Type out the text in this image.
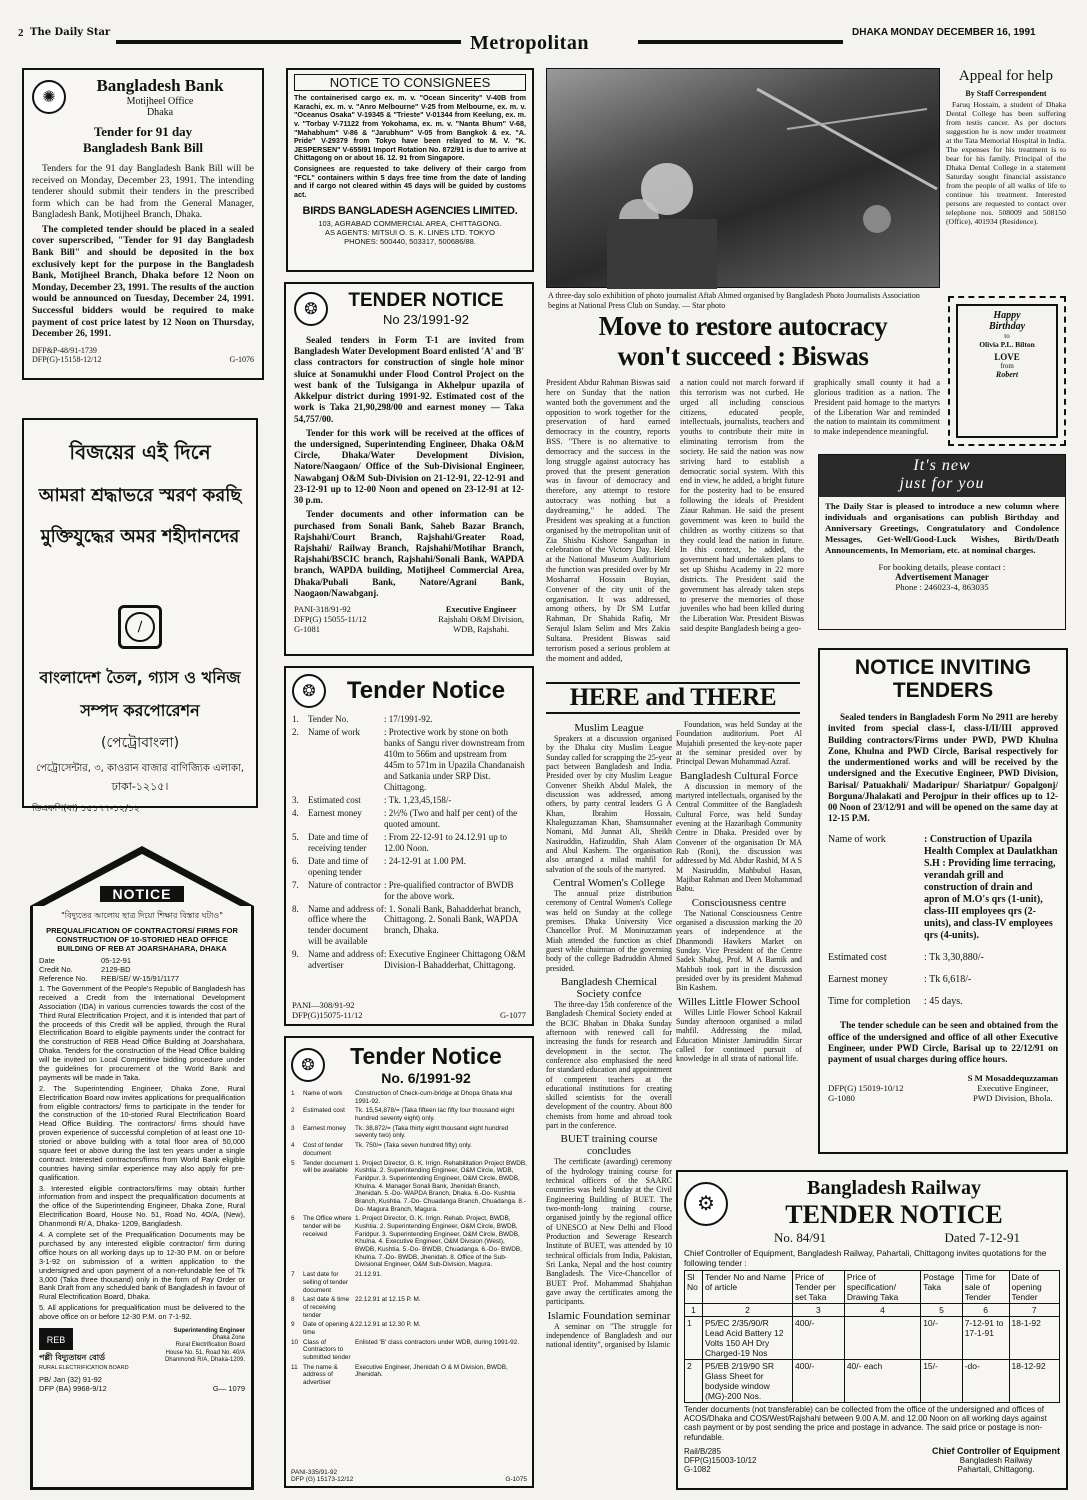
2 The Daily Star	Metropolitan	DHAKA MONDAY DECEMBER 16, 1991
✺
Bangladesh Bank
Motijheel Office
Dhaka
Tender for 91 day
Bangladesh Bank Bill
Tenders for the 91 day Bangladesh Bank Bill will be received on Monday, December 23, 1991. The intending tenderer should submit their tenders in the prescribed form which can be had from the General Manager, Bangladesh Bank, Motijheel Branch, Dhaka.
The completed tender should be placed in a sealed cover superscribed, "Tender for 91 day Bangladesh Bank Bill" and should be deposited in the box exclusively kept for the purpose in the Bangladesh Bank, Motijheel Branch, Dhaka before 12 Noon on Monday, December 23, 1991. The results of the auction would be announced on Tuesday, December 24, 1991. Successful bidders would be required to make payment of cost price latest by 12 Noon on Thursday, December 26, 1991.
DFP&P-48/91-1739
DFP(G)-15158-12/12	G-1076
বিজয়ের এই দিনে
আমরা শ্রদ্ধাভরে স্মরণ করছি
মুক্তিযুদ্ধের অমর শহীদানদের
∕
বাংলাদেশ তৈল, গ্যাস ও খনিজ
সম্পদ করপোরেশন
(পেট্রোবাংলা)
পেট্রোসেন্টার, ৩, কাওরান বাজার বাণিজ্যিক এলাকা,
ঢাকা-১২১৫।
ডিএফপি(বা) ১৫১৭৭-১২/১২
NOTICE
"বিদ্যুতের আলোয় ছাত্র দিয়ো শিক্ষার বিস্তার ঘটাও"
PREQUALIFICATION OF CONTRACTORS/ FIRMS FOR CONSTRUCTION OF 10-STORIED HEAD OFFICE BUILDING OF REB AT JOARSHAHARA, DHAKA
Date	05-12-91
Credit No.	2129-BD
Reference No.	REB/SE/ W-15/91/1177
1. The Government of the People's Republic of Bangladesh has received a Credit from the International Development Association (IDA) in various currencies towards the cost of the Third Rural Electrification Project, and it is intended that part of the proceeds of this Credit will be applied, through the Rural Electrification Board to eligible payments under the contract for the construction of REB Head Office Building at Joarshahara, Dhaka. Tenders for the construction of the Head Office building will be invited on Local Competitive bidding procedure under the guidelines for procurement of the World Bank and payments will be made in Taka.
2. The Superintending Engineer, Dhaka Zone, Rural Electrification Board now invites applications for prequalification from eligible contractors/ firms to participate in the tender for the construction of the 10-storied Rural Electrification Board Head Office Building. The contractors/ firms should have proven experience of successful completion of at least one 10-storied or above building with a total floor area of 50,000 square feet or above during the last ten years under a single contract. Interested contractors/firms from World Bank eligible countries having similar experience may also apply for pre-qualification.
3. Interested eligible contractors/firms may obtain further information from and inspect the prequalification documents at the office of the Superintending Engineer, Dhaka Zone, Rural Electrification Board, House No. 51, Road No. 4O/A, (New), Dhanmondi R/ A, Dhaka- 1209, Bangladesh.
4. A complete set of the Prequalification Documents may be purchased by any interested eligible contractor/ firm during office hours on all working days up to 12-30 P.M. on or before 3-1-92 on submission of a written application to the undersigned and upon payment of a non-refundable fee of Tk 3,000 (Taka three thousand) only in the form of Pay Order or Bank Draft from any scheduled bank of Bangladesh in favour of Rural Electrification Board, Dhaka.
5. All applications for prequalification must be delivered to the above office on or before 12-30 P.M. on 7-1-92.
REB
পল্লী বিদ্যুতায়ন বোর্ড
RURAL ELECTRIFICATION BOARD
Superintending Engineer
Dhaka Zone
Rural Electrification Board
House No. 51, Road No. 40/A
Dhanmondi R/A, Dhaka-1209.
PB/ Jan (32) 91-92
DFP (BA) 9968-9/12	G— 1079
NOTICE TO CONSIGNEES
The containerised cargo ex. m. v. "Ocean Sincerity" V-40B from Karachi, ex. m. v. "Anro Melbourne" V-25 from Melbourne, ex. m. v. "Oceanus Osaka" V-19345 & "Trieste" V-01344 from Keelung, ex. m. v. "Torbay V-71122 from Yokohama, ex. m. v. "Nanta Bhum" V-68, "Mahabhum" V-86 & "Jarubhum" V-05 from Bangkok & ex. "A. Pride" V-29379 from Tokyo have been relayed to M. V. "K. JESPERSEN" V-655I91 Import Rotation No. 872/91 is due to arrive at Chittagong on or about 16. 12. 91 from Singapore.
Consignees are requested to take delivery of their cargo from "FCL" containers within 5 days free time from the date of landing and if cargo not cleared within 45 days will be guided by customs act.
BIRDS BANGLADESH AGENCIES LIMITED.
103, AGRABAD COMMERCIAL AREA, CHITTAGONG.
AS AGENTS: MITSUI O. S. K. LINES LTD. TOKYO
PHONES: 500440, 503317, 500686/88.
❂	TENDER NOTICE
No 23/1991-92
Sealed tenders in Form T-1 are invited from Bangladesh Water Development Board enlisted 'A' and 'B' class contractors for construction of single hole minor sluice at Sonamukhi under Flood Control Project on the west bank of the Tulsiganga in Akhelpur upazila of Akkelpur district during 1991-92. Estimated cost of the work is Taka 21,90,298/00 and earnest money — Taka 54,757/00.
Tender for this work will be received at the offices of the undersigned, Superintending Engineer, Dhaka O&M Circle, Dhaka/Water Development Division, Natore/Naogaon/ Office of the Sub-Divisional Engineer, Nawabganj O&M Sub-Division on 21-12-91, 22-12-91 and 23-12-91 up to 12-00 Noon and opened on 23-12-91 at 12-30 p.m.
Tender documents and other information can be purchased from Sonali Bank, Saheb Bazar Branch, Rajshahi/Court Branch, Rajshahi/Greater Road, Rajshahi/ Railway Branch, Rajshahi/Motihar Branch, Rajshahi/BSCIC branch, Rajshahi/Sonali Bank, WAPDA branch, WAPDA building, Motijheel Commercial Area, Dhaka/Pubali Bank, Natore/Agrani Bank, Naogaon/Nawabganj.
PANI-318/91-92
DFP(G) 15055-11/12
G-1081
Executive Engineer
Rajshahi O&M Division,
WDB, Rajshahi.
❂	Tender Notice
1.	Tender No.	: 17/1991-92.
2.	Name of work	: Protective work by stone on both banks of Sangu river downstream from 410m to 566m and upstream from 445m to 571m in Upazila Chandanaish and Satkania under SRP Dist. Chittagong.
3.	Estimated cost	: Tk. 1,23,45,158/-
4.	Earnest money	: 2½% (Two and half per cent) of the quoted amount.
5.	Date and time of receiving tender
: From 22-12-91 to 24.12.91 up to 12.00 Noon.
6.	Date and time of opening tender
: 24-12-91 at 1.00 PM.
7.	Nature of contractor : Pre-qualified contractor of BWDB for the above work.
8.	Name and address of office where the tender document will be available
: 1. Sonali Bank, Bahadderhat branch, Chittagong. 2. Sonali Bank, WAPDA branch, Dhaka.
9.	Name and address of advertiser
: Executive Engineer Chittagong O&M Division-I Bahadderhat, Chittagong.
PANI—308/91-92
DFP(G)15075-11/12	G-1077
❂	Tender Notice
No. 6/1991-92
1	Name of work	Construction of Check-cum-bridge at Dhopa Ghata khal 1991-92.
2	Estimated cost	Tk. 15,54,878/= (Taka fifteen lac fifty four thousand eight hundred seventy eight) only.
3	Earnest money	Tk. 38,872/= (Taka thirty eight thousand eight hundred seventy two) only.
4	Cost of tender document
Tk. 750/= (Taka seven hundred fifty) only.
5	Tender document will be available
1. Project Director, G. K. Irrign. Rehabilitation Project BWDB, Kushtia. 2. Superintending Engineer, O&M Circle, WDB, Faridpur. 3. Superintending Engineer, O&M Circle, BWDB, Khulna. 4. Manager Sonali Bank, Jhenidah Branch, Jhenidah. 5.-Do- WAPDA Branch, Dhaka. 6.-Do- Kushtia Branch, Kushtia. 7.-Do- Chuadanga Branch, Chuadanga. 8.-Do- Magura Branch, Magura.
6	The Office where tender will be received
1. Project Director, G. K. Irrign. Rehab. Project, BWDB, Kushtia. 2. Superintending Engineer, O&M Circle, BWDB, Faridpur. 3. Superintending Engineer, O&M Circle, BWDB, Khulna. 4. Executive Engineer, O&M Division (West), BWDB, Kushtia. 5.-Do- BWDB, Chuadanga. 6.-Do- BWDB, Khulna. 7.-Do- BWDB, Jhenidah. 8. Office of the Sub-Divisional Engineer, O&M Sub-Division, Magura.
7	Last date for selling of tender document
21.12.91.
8	Last date & time of receiving tender
22.12.91 at 12.15 P. M.
9	Date of opening & time
22.12.91 at 12.30 P. M.
10 Class of Contractors to submitted tender
Enlisted 'B' class contractors under WDB, during 1991-92.
11 The name & address of advertiser
Executive Engineer, Jhenidah O & M Division, BWDB, Jhenidah.
PANI-335/91-92
DFP (G) 15173-12/12	G-1075
A three-day solo exhibition of photo journalist Aftab Ahmed organised by Bangladesh Photo Journalists Association begins at National Press Club on Sunday. — Star photo
Move to restore autocracy
won't succeed : Biswas
President Abdur Rahman Biswas said here on Sunday that the nation wanted both the government and the opposition to work together for the preservation of hard earned democracy in the country, reports BSS. "There is no alternative to democracy and the success in the long struggle against autocracy has proved that the present generation was in favour of democracy and therefore, any attempt to restore autocracy was nothing but a daydreaming," he added. The President was speaking at a function organised by the metropolitan unit of Zia Shishu Kishore Sangathan in celebration of the Victory Day. Held at the National Museum Auditorium the function was presided over by Mr Mosharraf Hossain Buyian, Convener of the city unit of the organisation. It was addressed, among others, by Dr SM Lutfar Rahman, Dr Shahida Rafiq, Mr Serajul Islam Selim and Mrs Zakia Sultana. President Biswas said terrorism posed a serious problem at the moment and added,
a nation could not march forward if this terrorism was not curbed. He urged all including conscious citizens, educated people, intellectuals, journalists, teachers and youths to contribute their mite in eliminating terrorism from the society. He said the nation was now striving hard to establish a democratic social system. With this end in view, he added, a bright future for the posterity had to be ensured following the ideals of President Ziaur Rahman. He said the present government was keen to build the children as worthy citizens so that they could lead the nation in future. In this context, he added, the government had undertaken plans to set up Shishu Academy in 22 more districts. The President said the government has already taken steps to preserve the memories of those juveniles who had been killed during the Liberation War. President Biswas said despite Bangladesh being a geo-
graphically small county it had a glorious tradition as a nation. The President paid homage to the martyrs of the Liberation War and reminded the nation to maintain its commitment to make independence meaningful.
HERE and THERE
Muslim League
Speakers at a discussion organised by the Dhaka city Muslim League Sunday called for scrapping the 25-year pact between Bangladesh and India. Presided over by city Muslim League Convener Sheikh Abdul Malek, the discussion was addressed, among others, by party central leaders G A Khan, Ibrahim Hossain, Khaleguzzaman Khan, Shamsunnaher Nomani, Md Junnat Ali, Sheikh Nasiruddin, Hafizuddin, Shah Alam and Abul Kashem. The organisation also arranged a milad mahfil for salvation of the souls of the martyred.
Central Women's College
The annual prize distribution ceremony of Central Women's College was held on Sunday at the college premises. Dhaka University Vice Chancellor Prof. M Moniruzzaman Miah attended the function as chief guest while chairman of the governing body of the college Badruddin Ahmed presided.
Bangladesh Chemical Society confce
The three-day 15th conference of the Bangladesh Chemical Society ended at the BCIC Bhaban in Dhaka Sunday afternoon with renewed call for increasing the funds for research and development in the sector. The conference also emphasised the need for standard education and appointment of competent teachers at the educational institutions for creating skilled scientists for the overall development of the country. About 800 chemists from home and abroad took part in the conference.
BUET training course concludes
The certificate (awarding) ceremony of the hydrology training course for technical officers of the SAARC countries was held Sunday at the Civil Engineering Building of BUET. The two-month-long training course, organised jointly by the regional office of UNESCO at New Delhi and Flood Production and Sewerage Research Institute of BUET, was attended by 10 technical officials from India, Pakistan, Sri Lanka, Nepal and the host country Bangladesh. The Vice-Chancellor of BUET Prof. Mohammad Shahjahan gave away the certificates among the participants.
Islamic Foundation seminar
A seminar on "The struggle for independence of Bangladesh and our national identity", organised by Islamic
Foundation, was held Sunday at the Foundation auditorium. Poet Al Mujahidi presented the key-note paper at the seminar presided over by Principal Dewan Muhammad Azraf.
Bangladesh Cultural Force
A discussion in memory of the martyred intellectuals, organised by the Central Committee of the Bangladesh Cultural Force, was held Sunday evening at the Hazaribagh Community Centre in Dhaka. Presided over by Convener of the organisation Dr MA Rab (Roni), the discussion was addressed by Md. Abdur Rashid, M A S M Nasiruddin, Mahbubul Hasan, Majibar Rahman and Deen Mohammad Babu.
Consciousness centre
The National Consciousness Centre organised a discussion marking the 20 years of independence at the Dhanmondi Hawkers Market on Sunday. Vice President of the Centre Sadek Shabuj, Prof. M A Barnik and Mahbub took part in the discussion presided over by its president Mahmud Bin Kashem.
Willes Little Flower School
Willes Little Flower School Kakrail Sunday afternoon organised a milad mahfil. Addressing the milad, Education Minister Jamiruddin Sircar called for continued pursuit of knowledge in all strata of national life.
Appeal for help
By Staff Correspondent
Faruq Hossain, a student of Dhaka Dental College has been suffering from testis cancer. As per doctors suggestion he is now under treatment at the Tata Memorial Hospital in India. The expenses for his treatment is to bear for his family. Principal of the Dhaka Dental College in a statement Saturday sought financial assistance from the people of all walks of life to continue his treatment. Interested persons are requested to contact over telephone nos. 508009 and 508150 (Office), 401934 (Residence).
Happy
Birthday
to
Olivia P.L. Bilton
LOVE
from
Robert
It's new
just for you
The Daily Star is pleased to introduce a new column where individuals and organisations can publish Birthday and Anniversary Greetings, Congratulatory and Condolence Messages, Get-Well/Good-Luck Wishes, Birth/Death Announcements, In Memoriam, etc. at nominal charges.
For booking details, please contact :
Advertisement Manager
Phone : 246023-4, 863035
NOTICE INVITING
TENDERS
Sealed tenders in Bangladesh Form No 2911 are hereby invited from special class-I, class-I/II/III approved Building contractors/Firms under PWD, PWD Khulna Zone, Khulna and PWD Circle, Barisal respectively for the undermentioned works and will be received by the undersigned and the Executive Engineer, PWD Division, Barisal/ Patuakhali/ Madaripur/ Shariatpur/ Gopalgonj/ Borguna/Jhalakati and Perojpur in their offices up to 12-00 Noon of 23/12/91 and will be opened on the same day at 12-15 P.M.
Name of work	: Construction of Upazila Health Complex at Daulatkhan S.H : Providing lime terracing, verandah grill and construction of drain and apron of M.O's qrs (1-unit), class-III employees qrs (2-units), and class-IV employees qrs (4-units).
Estimated cost	: Tk 3,30,880/-
Earnest money	: Tk 6,618/-
Time for completion	: 45 days.
The tender schedule can be seen and obtained from the office of the undersigned and office of all other Executive Engineer, under PWD Circle, Barisal up to 22/12/91 on payment of usual charges during office hours.
DFP(G) 15019-10/12
G-1080
S M Mosaddequzzaman
Executive Engineer,
PWD Division, Bhola.
⚙
Bangladesh Railway
TENDER NOTICE
No. 84/91	Dated 7-12-91
Chief Controller of Equipment, Bangladesh Railway, Pahartali, Chittagong invites quotations for the following tender :
Sl No	Tender No and Name of article	Price of Tender per set Taka	Price of specification/ Drawing Taka	Postage Taka	Time for sale of Tender	Date of opening Tender
1	2	3	4	5	6	7
1	P5/EC 2/35/90/R Lead Acid Battery 12 Volts 150 AH Dry Charged-19 Nos	400/-		10/-	7-12-91 to 17-1-91	18-1-92
2	P5/EB 2/19/90 SR Glass Sheet for bodyside window (MG)-200 Nos.	400/-	40/- each	15/-	-do-	18-12-92
Tender documents (not transferable) can be collected from the office of the undersigned and offices of ACOS/Dhaka and COS/West/Rajshahi between 9.00 A.M. and 12.00 Noon on all working days against cash payment or by post sending the price and postage in advance. The said price or postage is non-refundable.
Rail/B/285
DFP(G)15003-10/12
G-1082
Chief Controller of Equipment
Bangladesh Railway
Pahartali, Chittagong.
